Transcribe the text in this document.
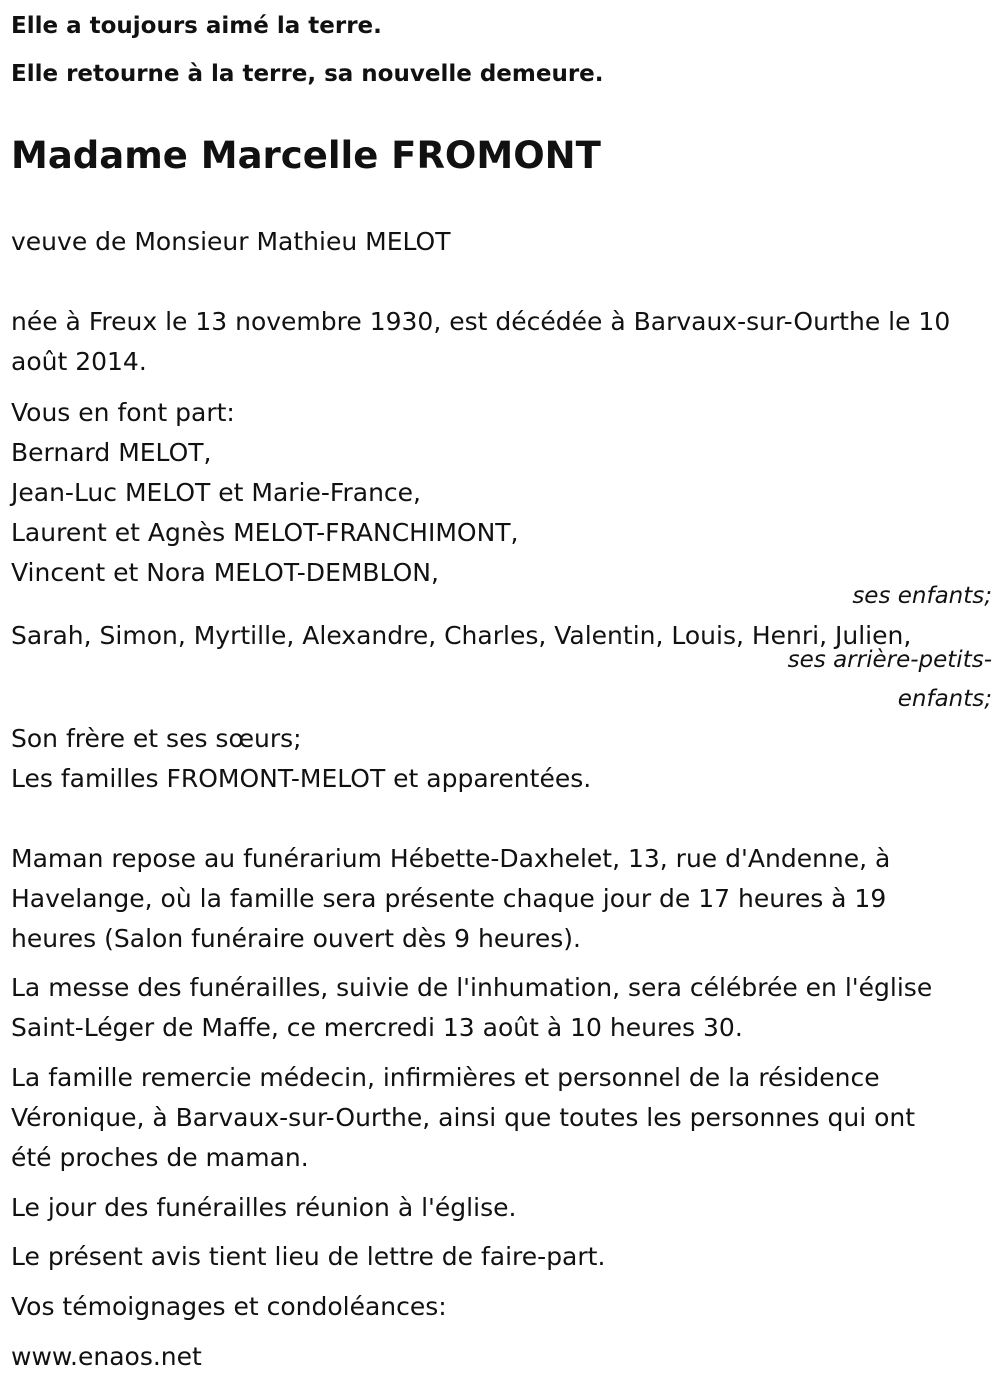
Elle a toujours aimé la terre.
Elle retourne à la terre, sa nouvelle demeure.
Madame Marcelle FROMONT
veuve de Monsieur Mathieu MELOT
née à Freux le 13 novembre 1930, est décédée à Barvaux-sur-Ourthe le 10
août 2014.
Vous en font part:
Bernard MELOT,
Jean-Luc MELOT et Marie-France,
Laurent et Agnès MELOT-FRANCHIMONT,
Vincent et Nora MELOT-DEMBLON,
ses enfants;
Sarah, Simon, Myrtille, Alexandre, Charles, Valentin, Louis, Henri, Julien,
ses arrière-petits-
enfants;
Son frère et ses sœurs;
Les familles FROMONT-MELOT et apparentées.
Maman repose au funérarium Hébette-Daxhelet, 13, rue d'Andenne, à
Havelange, où la famille sera présente chaque jour de 17 heures à 19
heures (Salon funéraire ouvert dès 9 heures).
La messe des funérailles, suivie de l'inhumation, sera célébrée en l'église
Saint-Léger de Maffe, ce mercredi 13 août à 10 heures 30.
La famille remercie médecin, infirmières et personnel de la résidence
Véronique, à Barvaux-sur-Ourthe, ainsi que toutes les personnes qui ont
été proches de maman.
Le jour des funérailles réunion à l'église.
Le présent avis tient lieu de lettre de faire-part.
Vos témoignages et condoléances:
www.enaos.net
